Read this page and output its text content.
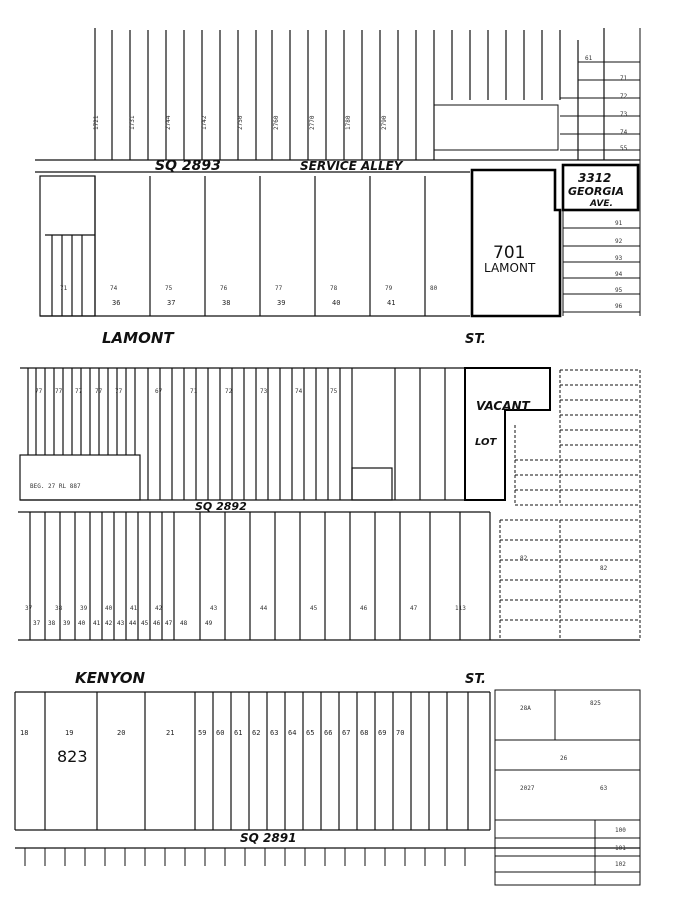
1721	1731	2744	1742	2750	2760	2770	1780	2790
71	74	75	76	77	78	79	80
61
71
72
73
74
55
91
92
93
94
95
96
77 77 77 77 77	67	71	72	73	74	75
BEG. 27 RL 887
37	38	39	40	41	42	43	44	45	46	47	113
82
82
28A
825
26
2027	63
100
101
102
SQ 2893	SERVICE ALLEY
701
LAMONT
3312
GEORGIA
AVE.
LAMONT	ST.
VACANT
LOT
SQ 2892
KENYON	ST.
823
SQ 2891
18	19	20	21	59 60 61 62 63 64 65 66 67 68 69 70
36	37	38	39	40	41
37 38 39 40 41 42 43 44 45 46 47 48	49
